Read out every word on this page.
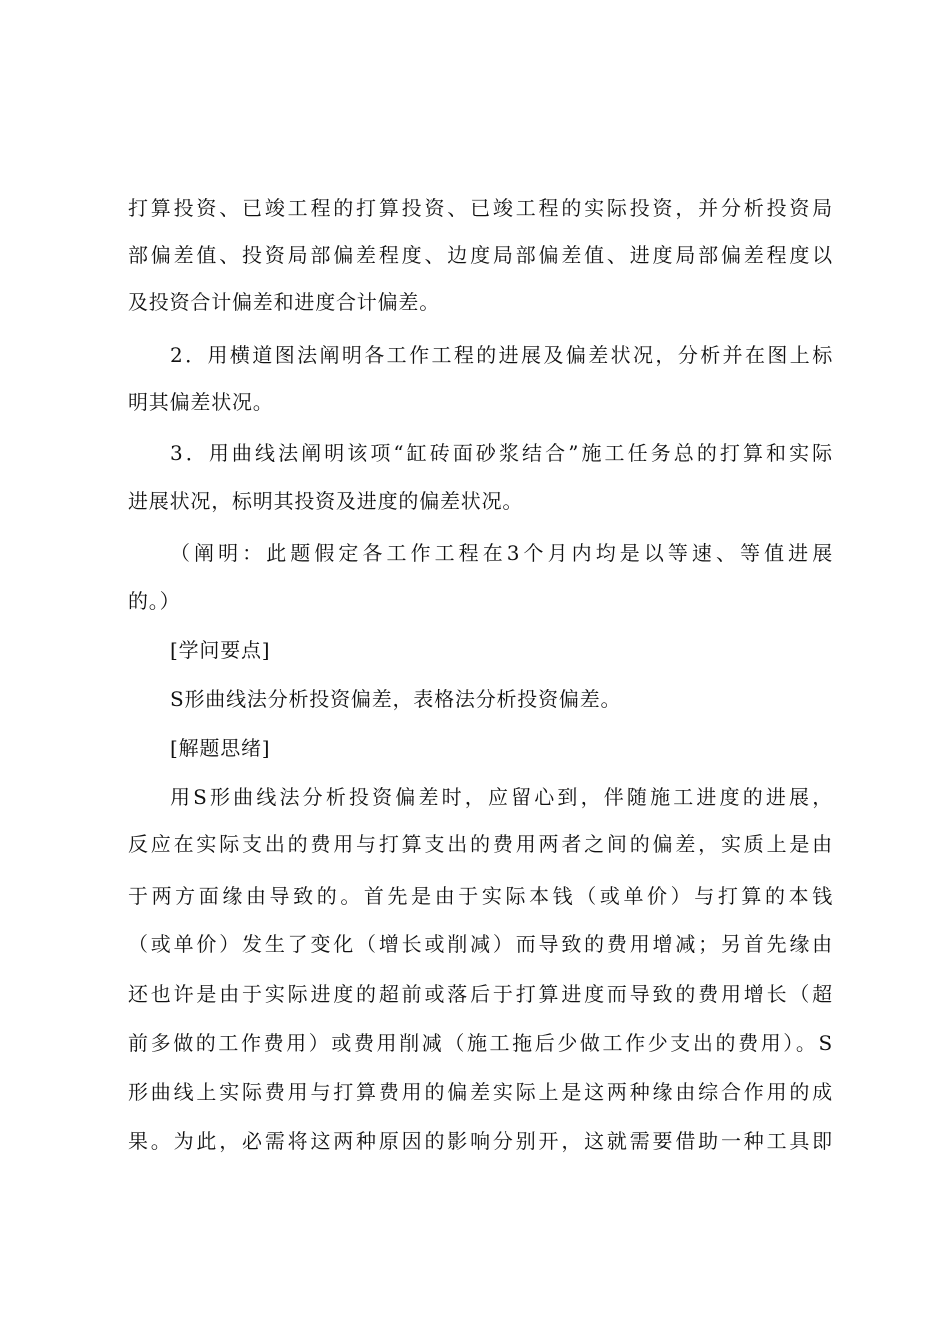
打算投资、已竣工程的打算投资、已竣工程的实际投资，并分析投资局
部偏差值、投资局部偏差程度、边度局部偏差值、进度局部偏差程度以
及投资合计偏差和进度合计偏差。
2．用横道图法阐明各工作工程的进展及偏差状况，分析并在图上标
明其偏差状况。
3．用曲线法阐明该项“缸砖面砂浆结合”施工任务总的打算和实际
进展状况，标明其投资及进度的偏差状况。
（阐明：此题假定各工作工程在3个月内均是以等速、等值进展
的。）
[学问要点]
S形曲线法分析投资偏差，表格法分析投资偏差。
[解题思绪]
用S形曲线法分析投资偏差时，应留心到，伴随施工进度的进展，
反应在实际支出的费用与打算支出的费用两者之间的偏差，实质上是由
于两方面缘由导致的。首先是由于实际本钱（或单价）与打算的本钱
（或单价）发生了变化（增长或削减）而导致的费用增减；另首先缘由
还也许是由于实际进度的超前或落后于打算进度而导致的费用增长（超
前多做的工作费用）或费用削减（施工拖后少做工作少支出的费用）。S
形曲线上实际费用与打算费用的偏差实际上是这两种缘由综合作用的成
果。为此，必需将这两种原因的影响分别开，这就需要借助一种工具即
